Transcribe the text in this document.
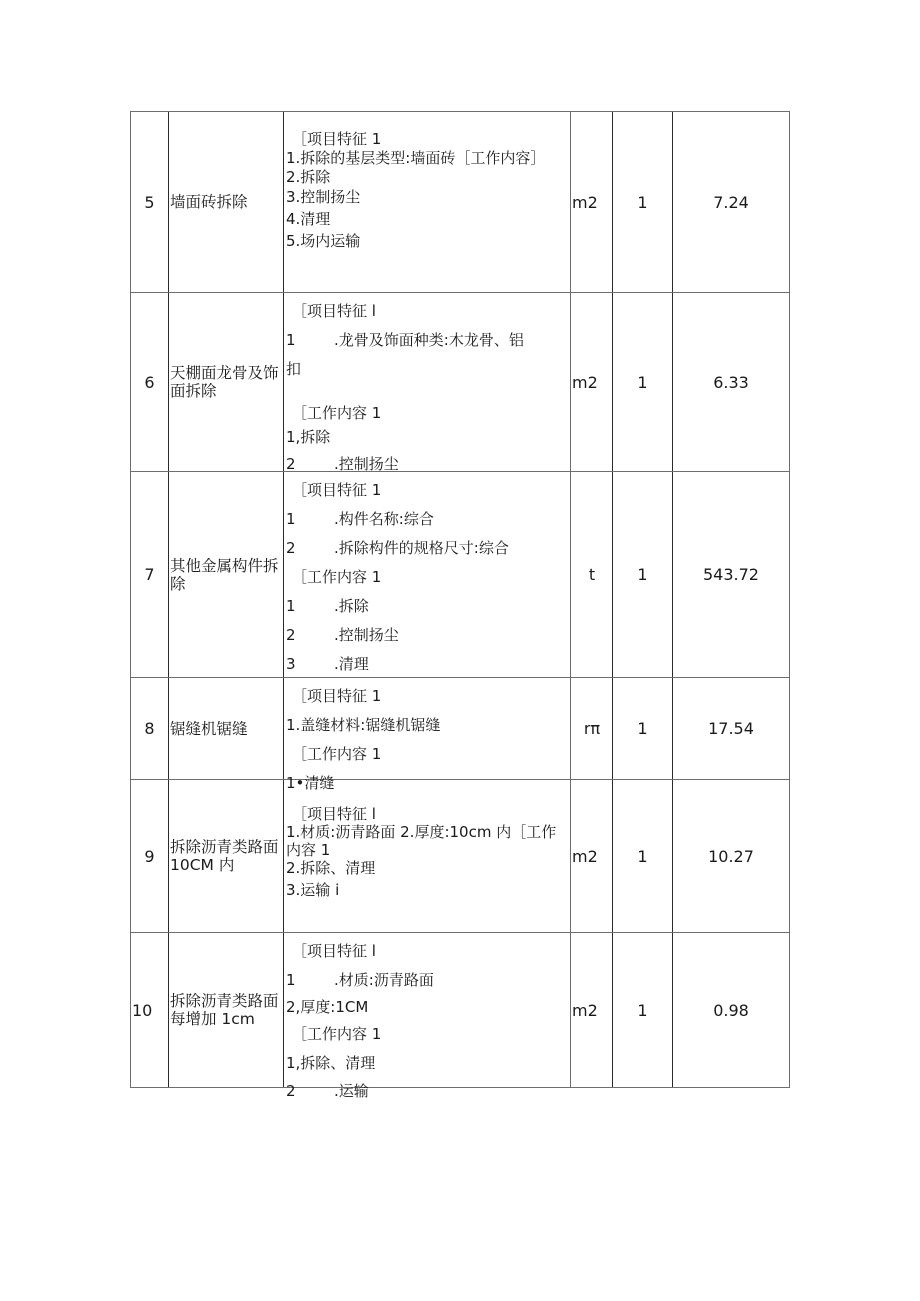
5 墙面砖拆除
［项目特征 1
1.拆除的基层类型:墙面砖［工作内容］
2.拆除
3.控制扬尘
4.清理
5.场内运输
m2	1	7.24
6 天棚面龙骨及饰面拆除
［项目特征 l
1	.龙骨及饰面种类:木龙骨、铝
扣
［工作内容 1
1,拆除
2	.控制扬尘
m2	1	6.33
7 其他金属构件拆除
［项目特征 1
1	.构件名称:综合
2	.拆除构件的规格尺寸:综合
［工作内容 1
1	.拆除
2	.控制扬尘
3	.清理
t	1	543.72
8 锯缝机锯缝
［项目特征 1
1.盖缝材料:锯缝机锯缝
［工作内容 1
1•清缝
rπ	1	17.54
9 拆除沥青类路面 10CM 内
［项目特征 l
1.材质:沥青路面 2.厚度:10cm 内［工作内容 1
2.拆除、清理
3.运输 i
m2	1	10.27
10	拆除沥青类路面每增加 1cm
［项目特征 l
1	.材质:沥青路面
2,厚度:1CM
［工作内容 1
1,拆除、清理
2	.运输
m2	1	0.98
